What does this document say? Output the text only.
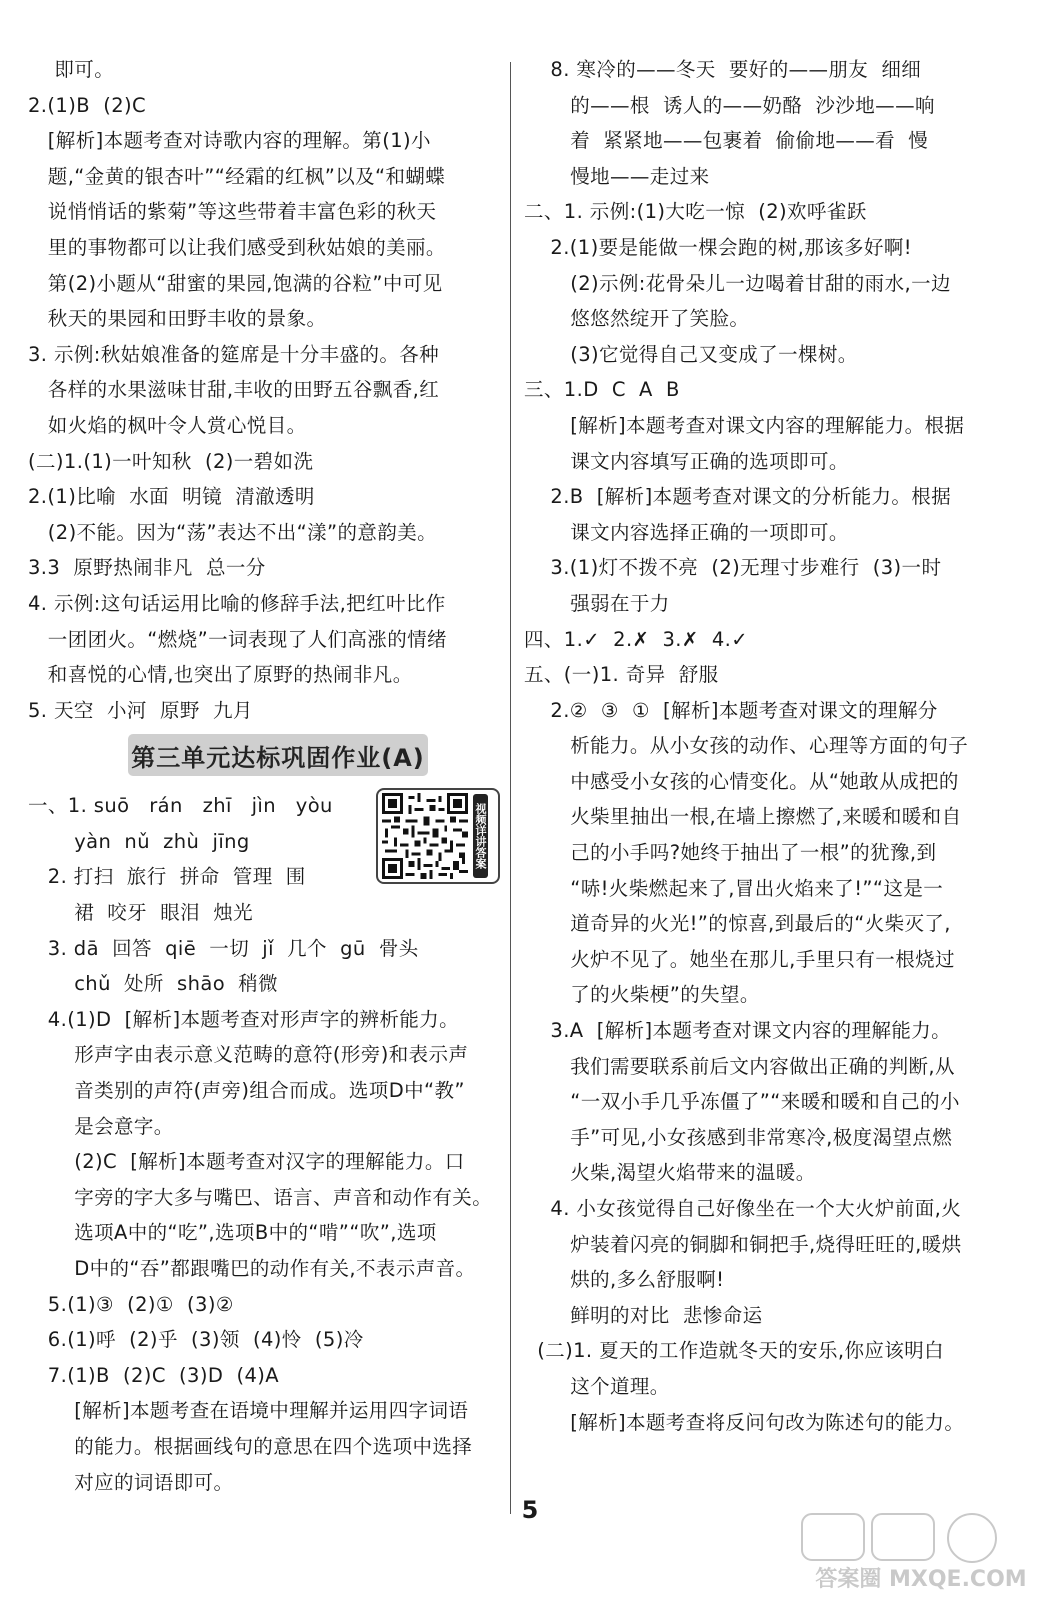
即可。
2.(1)B  (2)C
[解析]本题考查对诗歌内容的理解。第(1)小
题,“金黄的银杏叶”“经霜的红枫”以及“和蝴蝶
说悄悄话的紫菊”等这些带着丰富色彩的秋天
里的事物都可以让我们感受到秋姑娘的美丽。
第(2)小题从“甜蜜的果园,饱满的谷粒”中可见
秋天的果园和田野丰收的景象。
3. 示例:秋姑娘准备的筵席是十分丰盛的。各种
各样的水果滋味甘甜,丰收的田野五谷飘香,红
如火焰的枫叶令人赏心悦目。
(二)1.(1)一叶知秋  (2)一碧如洗
2.(1)比喻  水面  明镜  清澈透明
(2)不能。因为“荡”表达不出“漾”的意韵美。
3.3  原野热闹非凡  总一分
4. 示例:这句话运用比喻的修辞手法,把红叶比作
一团团火。“燃烧”一词表现了人们高涨的情绪
和喜悦的心情,也突出了原野的热闹非凡。
5. 天空  小河  原野  九月
第三单元达标巩固作业(A)
视频详讲答案
一、1. suō   rán   zhī   jìn   yòu
yàn  nǔ  zhù  jīng
2. 打扫  旅行  拼命  管理  围
裙  咬牙  眼泪  烛光
3. dā  回答  qiē  一切  jǐ  几个  gū  骨头
chǔ  处所  shāo  稍微
4.(1)D  [解析]本题考查对形声字的辨析能力。
形声字由表示意义范畴的意符(形旁)和表示声
音类别的声符(声旁)组合而成。选项D中“教”
是会意字。
(2)C  [解析]本题考查对汉字的理解能力。口
字旁的字大多与嘴巴、语言、声音和动作有关。
选项A中的“吃”,选项B中的“啃”“吹”,选项
D中的“吞”都跟嘴巴的动作有关,不表示声音。
5.(1)③  (2)①  (3)②
6.(1)呼  (2)乎  (3)领  (4)怜  (5)冷
7.(1)B  (2)C  (3)D  (4)A
[解析]本题考查在语境中理解并运用四字词语
的能力。根据画线句的意思在四个选项中选择
对应的词语即可。
8. 寒冷的——冬天  要好的——朋友  细细
的——根  诱人的——奶酪  沙沙地——响
着  紧紧地——包裹着  偷偷地——看  慢
慢地——走过来
二、1. 示例:(1)大吃一惊  (2)欢呼雀跃
2.(1)要是能做一棵会跑的树,那该多好啊!
(2)示例:花骨朵儿一边喝着甘甜的雨水,一边
悠悠然绽开了笑脸。
(3)它觉得自己又变成了一棵树。
三、1.D  C  A  B
[解析]本题考查对课文内容的理解能力。根据
课文内容填写正确的选项即可。
2.B  [解析]本题考查对课文的分析能力。根据
课文内容选择正确的一项即可。
3.(1)灯不拨不亮  (2)无理寸步难行  (3)一时
强弱在于力
四、1.✓  2.✗  3.✗  4.✓
五、(一)1. 奇异  舒服
2.②  ③  ①  [解析]本题考查对课文的理解分
析能力。从小女孩的动作、心理等方面的句子
中感受小女孩的心情变化。从“她敢从成把的
火柴里抽出一根,在墙上擦燃了,来暖和暖和自
己的小手吗?她终于抽出了一根”的犹豫,到
“哧!火柴燃起来了,冒出火焰来了!”“这是一
道奇异的火光!”的惊喜,到最后的“火柴灭了,
火炉不见了。她坐在那儿,手里只有一根烧过
了的火柴梗”的失望。
3.A  [解析]本题考查对课文内容的理解能力。
我们需要联系前后文内容做出正确的判断,从
“一双小手几乎冻僵了”“来暖和暖和自己的小
手”可见,小女孩感到非常寒冷,极度渴望点燃
火柴,渴望火焰带来的温暖。
4. 小女孩觉得自己好像坐在一个大火炉前面,火
炉装着闪亮的铜脚和铜把手,烧得旺旺的,暖烘
烘的,多么舒服啊!
鲜明的对比  悲惨命运
(二)1. 夏天的工作造就冬天的安乐,你应该明白
这个道理。
[解析]本题考查将反问句改为陈述句的能力。
5
答案圈 MXQE.COM
